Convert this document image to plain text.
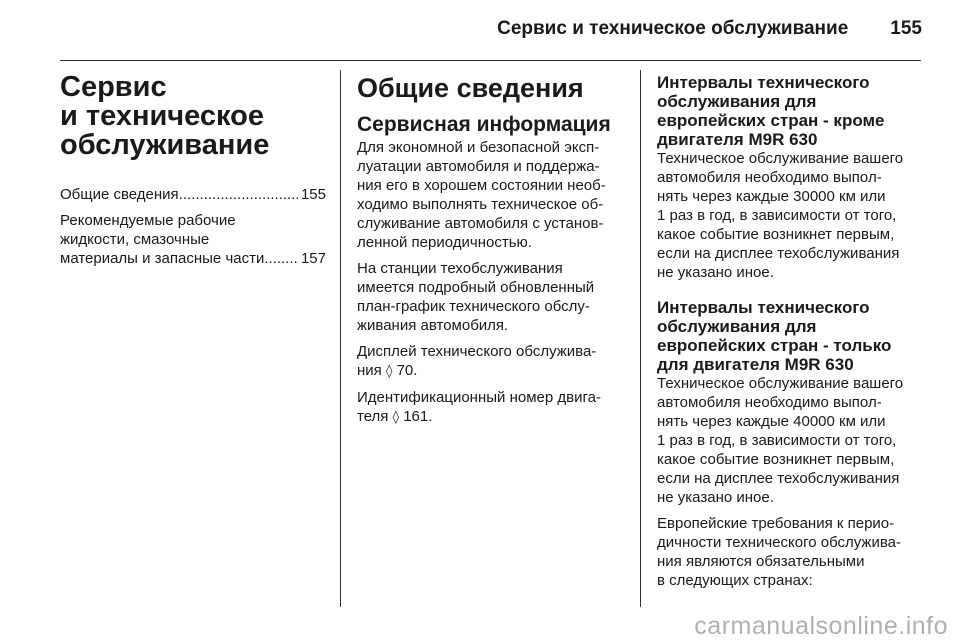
Сервис и техническое обслуживание 155
Сервис
и техническое
обслуживание
Общие сведения .....	155
Рекомендуемые рабочие
жидкости, смазочные
материалы и запасные части ..... 157
Общие сведения
Сервисная информация
Для экономной и безопасной эксп-
луатации автомобиля и поддержа-
ния его в хорошем состоянии необ-
ходимо выполнять техническое об-
служивание автомобиля с установ-
ленной периодичностью.
На станции техобслуживания
имеется подробный обновленный
план-график технического обслу-
живания автомобиля.
Дисплей технического обслужива-
ния ◊ 70.
Идентификационный номер двига-
теля ◊ 161.
Интервалы технического
обслуживания для
европейских стран - кроме
двигателя M9R 630
Техническое обслуживание вашего
автомобиля необходимо выпол-
нять через каждые 30000 км или
1 раз в год, в зависимости от того,
какое событие возникнет первым,
если на дисплее техобслуживания
не указано иное.
Интервалы технического
обслуживания для
европейских стран - только
для двигателя M9R 630
Техническое обслуживание вашего
автомобиля необходимо выпол-
нять через каждые 40000 км или
1 раз в год, в зависимости от того,
какое событие возникнет первым,
если на дисплее техобслуживания
не указано иное.
Европейские требования к перио-
дичности технического обслужива-
ния являются обязательными
в следующих странах:
carmanualsonline.info
